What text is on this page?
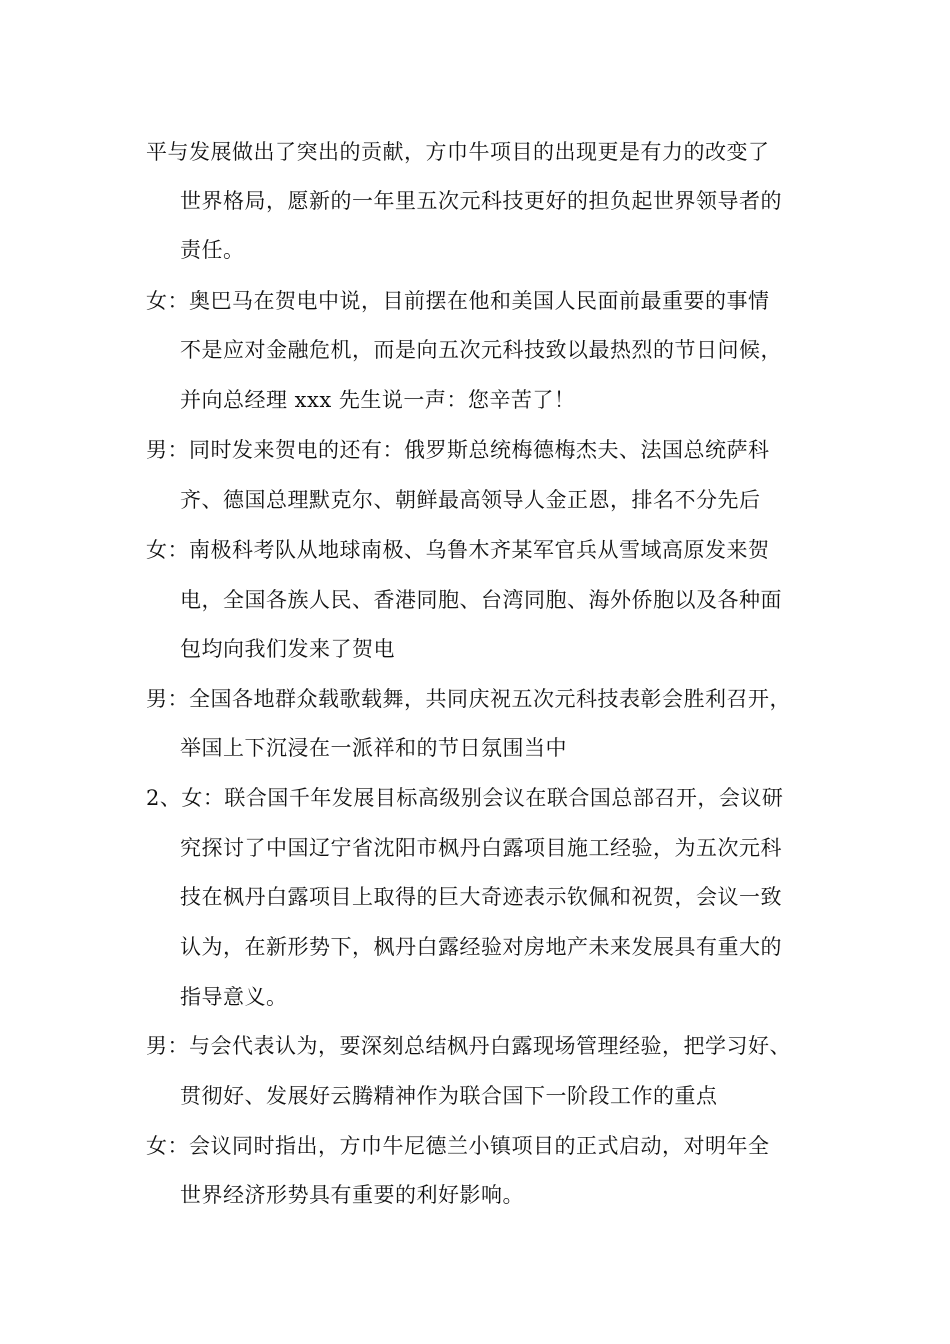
平与发展做出了突出的贡献，方巾牛项目的出现更是有力的改变了
世界格局，愿新的一年里五次元科技更好的担负起世界领导者的
责任。
女：奥巴马在贺电中说，目前摆在他和美国人民面前最重要的事情
不是应对金融危机，而是向五次元科技致以最热烈的节日问候，
并向总经理 xxx 先生说一声：您辛苦了！
男：同时发来贺电的还有：俄罗斯总统梅德梅杰夫、法国总统萨科
齐、德国总理默克尔、朝鲜最高领导人金正恩，排名不分先后
女：南极科考队从地球南极、乌鲁木齐某军官兵从雪域高原发来贺
电，全国各族人民、香港同胞、台湾同胞、海外侨胞以及各种面
包均向我们发来了贺电
男：全国各地群众载歌载舞，共同庆祝五次元科技表彰会胜利召开，
举国上下沉浸在一派祥和的节日氛围当中
2、女：联合国千年发展目标高级别会议在联合国总部召开，会议研
究探讨了中国辽宁省沈阳市枫丹白露项目施工经验，为五次元科
技在枫丹白露项目上取得的巨大奇迹表示钦佩和祝贺，会议一致
认为，在新形势下，枫丹白露经验对房地产未来发展具有重大的
指导意义。
男：与会代表认为，要深刻总结枫丹白露现场管理经验，把学习好、
贯彻好、发展好云腾精神作为联合国下一阶段工作的重点
女：会议同时指出，方巾牛尼德兰小镇项目的正式启动，对明年全
世界经济形势具有重要的利好影响。
